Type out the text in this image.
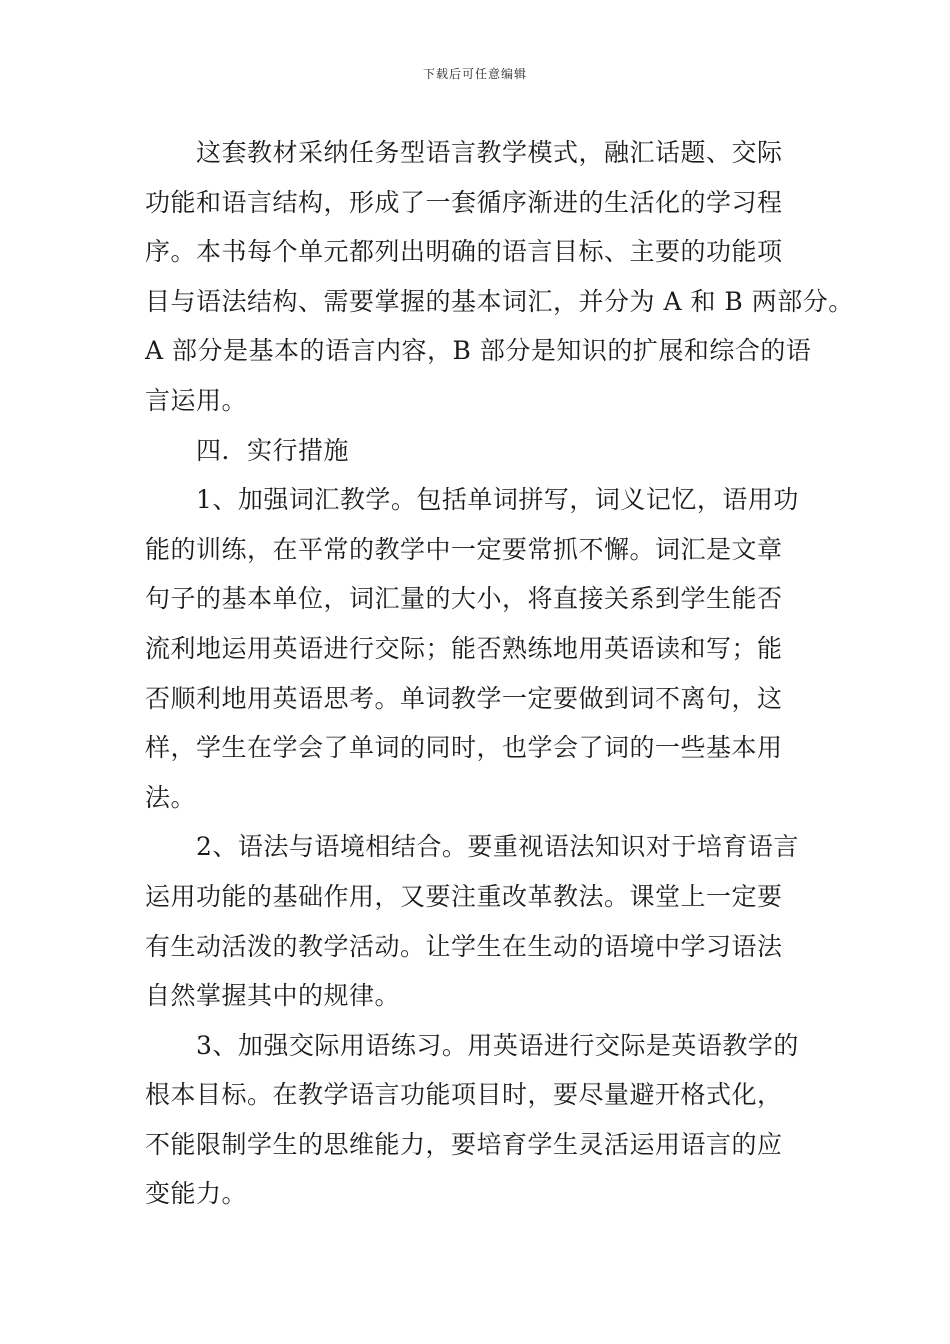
下载后可任意编辑
这套教材采纳任务型语言教学模式，融汇话题、交际
功能和语言结构，形成了一套循序渐进的生活化的学习程
序。本书每个单元都列出明确的语言目标、主要的功能项
目与语法结构、需要掌握的基本词汇，并分为 A 和 B 两部分。
A 部分是基本的语言内容，B 部分是知识的扩展和综合的语
言运用。
四．实行措施
1、加强词汇教学。包括单词拼写，词义记忆，语用功
能的训练，在平常的教学中一定要常抓不懈。词汇是文章
句子的基本单位，词汇量的大小，将直接关系到学生能否
流利地运用英语进行交际；能否熟练地用英语读和写；能
否顺利地用英语思考。单词教学一定要做到词不离句，这
样，学生在学会了单词的同时，也学会了词的一些基本用
法。
2、语法与语境相结合。要重视语法知识对于培育语言
运用功能的基础作用，又要注重改革教法。课堂上一定要
有生动活泼的教学活动。让学生在生动的语境中学习语法
自然掌握其中的规律。
3、加强交际用语练习。用英语进行交际是英语教学的
根本目标。在教学语言功能项目时，要尽量避开格式化，
不能限制学生的思维能力，要培育学生灵活运用语言的应
变能力。
